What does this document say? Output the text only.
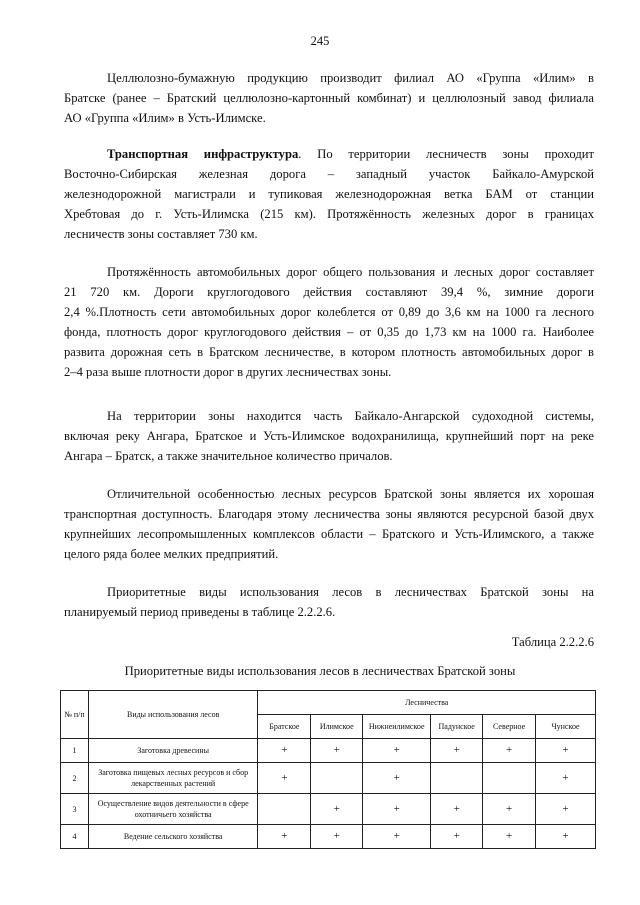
245
Целлюлозно-бумажную продукцию производит филиал АО «Группа «Илим» в
Братске (ранее – Братский целлюлозно-картонный комбинат) и целлюлозный завод филиала
АО «Группа «Илим» в Усть-Илимске.
Транспортная инфраструктура. По территории лесничеств зоны проходит
Восточно-Сибирская железная дорога – западный участок Байкало-Амурской
железнодорожной магистрали и тупиковая железнодорожная ветка БАМ от станции
Хребтовая до г. Усть-Илимска (215 км). Протяжённость железных дорог в границах
лесничеств зоны составляет 730 км.
Протяжённость автомобильных дорог общего пользования и лесных дорог составляет
21 720 км. Дороги круглогодового действия составляют 39,4 %, зимние дороги
2,4 %.Плотность сети автомобильных дорог колеблется от 0,89 до 3,6 км на 1000 га лесного
фонда, плотность дорог круглогодового действия – от 0,35 до 1,73 км на 1000 га. Наиболее
развита дорожная сеть в Братском лесничестве, в котором плотность автомобильных дорог в
2–4 раза выше плотности дорог в других лесничествах зоны.
На территории зоны находится часть Байкало-Ангарской судоходной системы,
включая реку Ангара, Братское и Усть-Илимское водохранилища, крупнейший порт на реке
Ангара – Братск, а также значительное количество причалов.
Отличительной особенностью лесных ресурсов Братской зоны является их хорошая
транспортная доступность. Благодаря этому лесничества зоны являются ресурсной базой двух
крупнейших лесопромышленных комплексов области – Братского и Усть-Илимского, а также
целого ряда более мелких предприятий.
Приоритетные виды использования лесов в лесничествах Братской зоны на
планируемый период приведены в таблице 2.2.2.6.
Таблица 2.2.2.6
Приоритетные виды использования лесов в лесничествах Братской зоны
№ п/п	Виды использования лесов	Лесничества					
		Братское	Илимское	Нижнеилимское	Падунское	Северное	Чунское
1	Заготовка древесины	+	+	+	+	+	+
2	Заготовка пищевых лесных ресурсов и сбор лекарственных растений	+		+			+
3	Осуществление видов деятельности в сфере охотничьего хозяйства		+	+	+	+	+
4	Ведение сельского хозяйства	+	+	+	+	+	+
